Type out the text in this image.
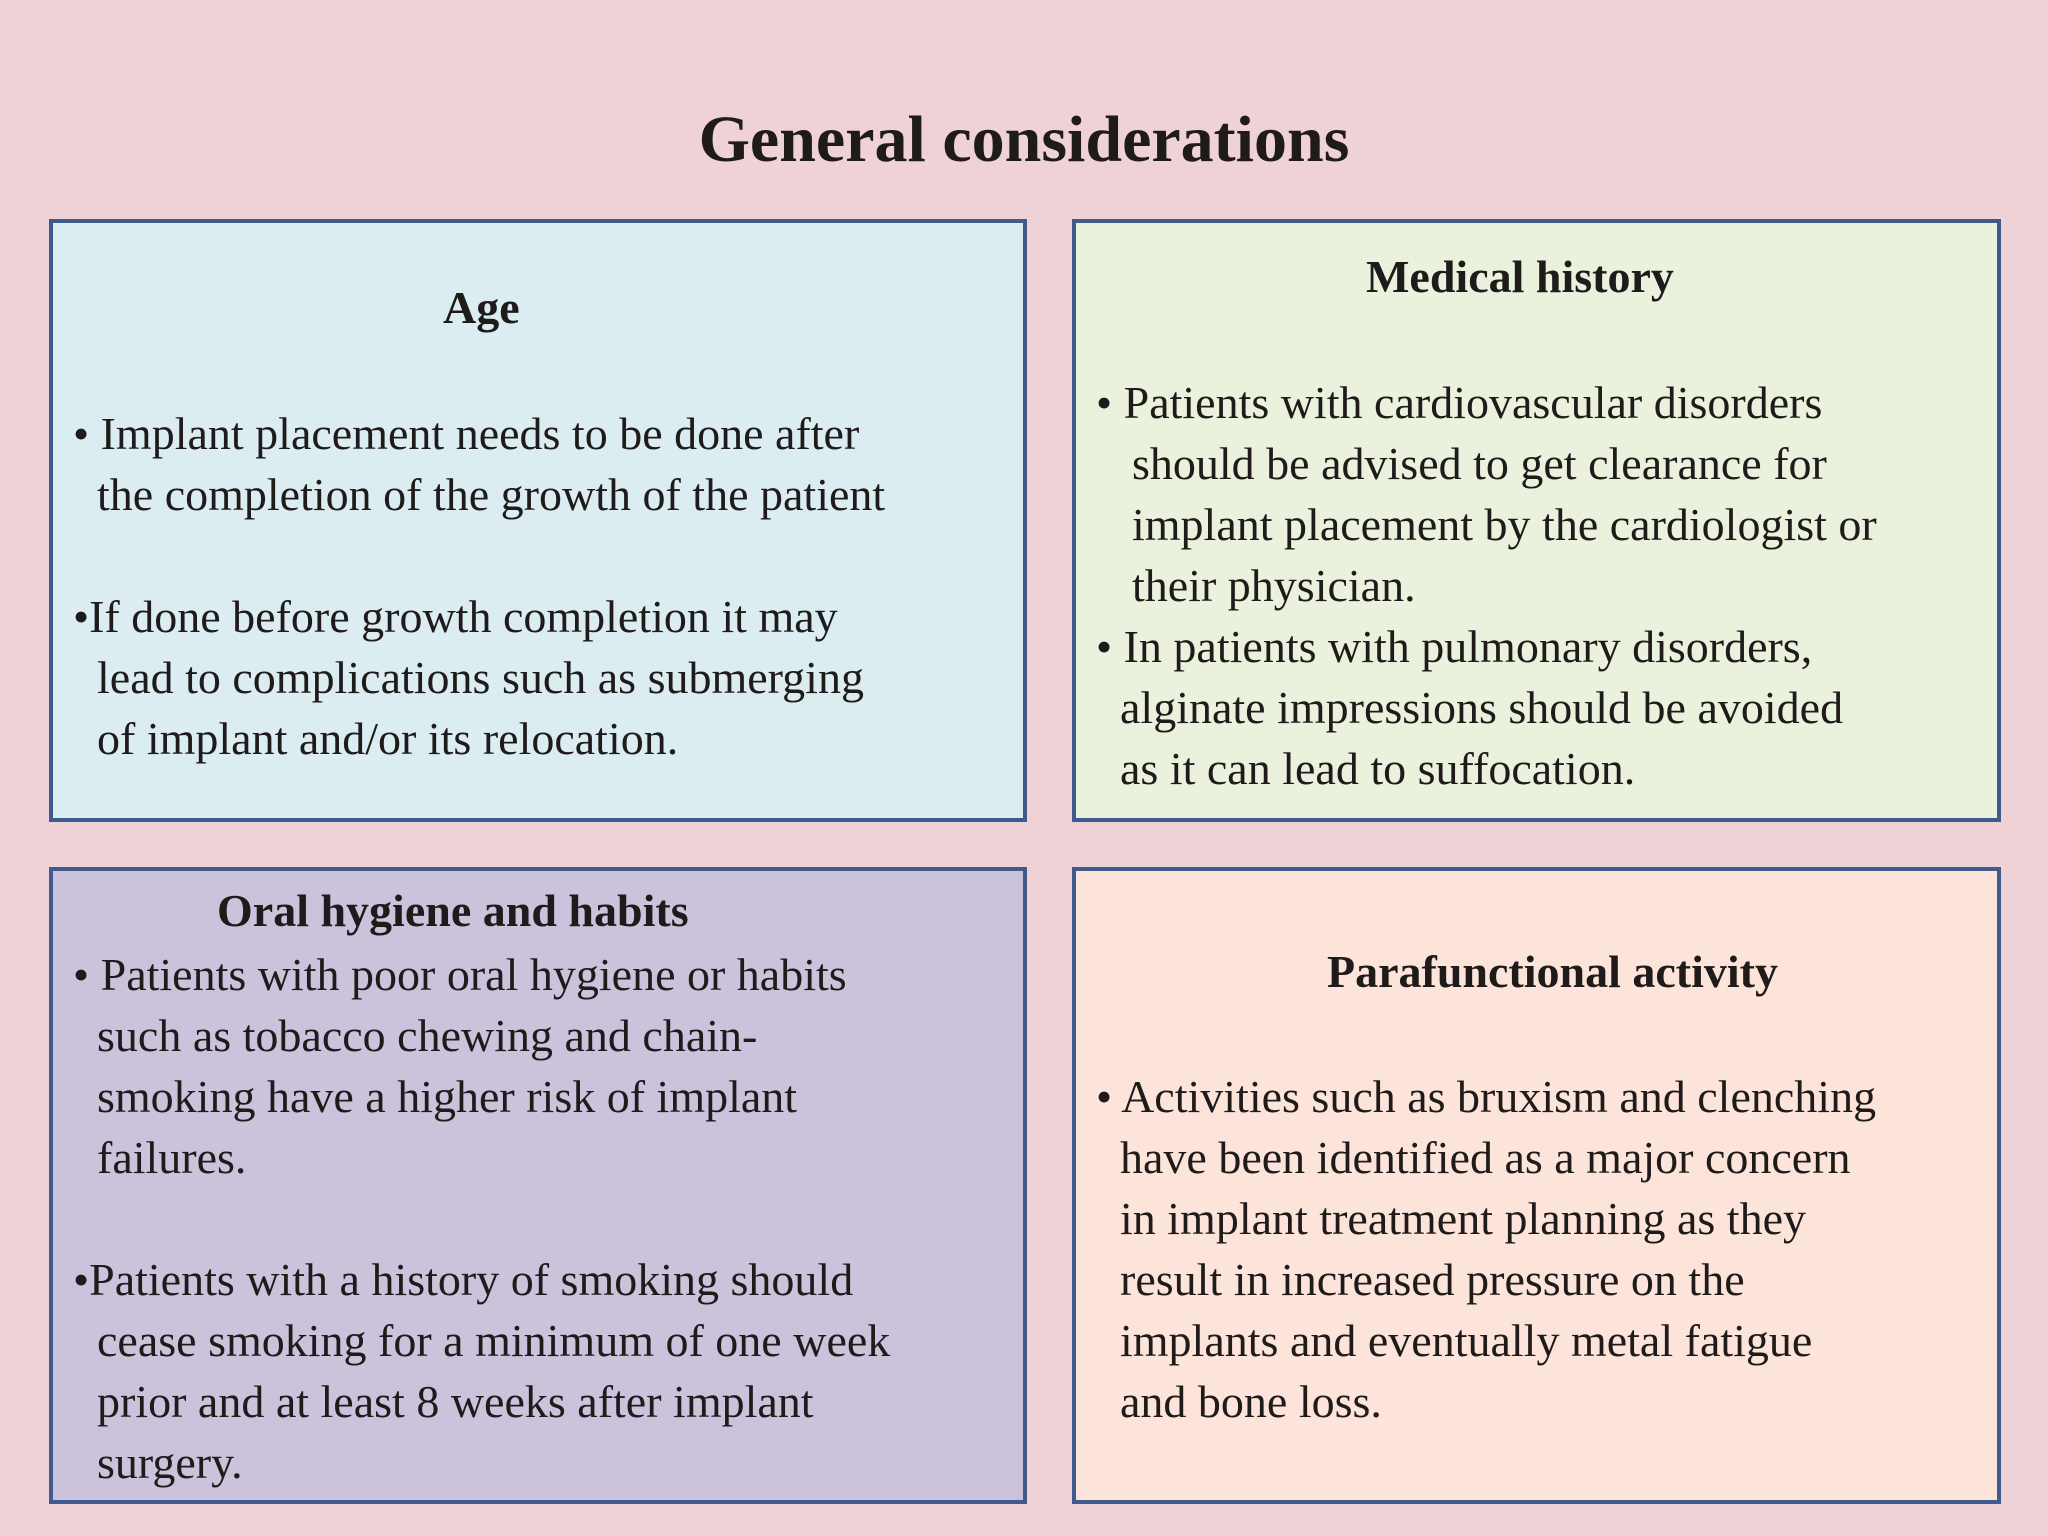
General considerations
Age

• Implant placement needs to be done after

the completion of the growth of the patient

•If done before growth completion it may

lead to complications such as submerging

of implant and/or its relocation.

Medical history

• Patients with cardiovascular disorders

should be advised to get clearance for

implant placement by the cardiologist or

their physician.

• In patients with pulmonary disorders,

alginate impressions should be avoided

as it can lead to suffocation.

Oral hygiene and habits

• Patients with poor oral hygiene or habits

such as tobacco chewing and chain-

smoking have a higher risk of implant

failures.

•Patients with a history of smoking should

cease smoking for a minimum of one week

prior and at least 8 weeks after implant

surgery.

Parafunctional activity

• Activities such as bruxism and clenching

have been identified as a major concern

in implant treatment planning as they

result in increased pressure on the

implants and eventually metal fatigue

and bone loss.
